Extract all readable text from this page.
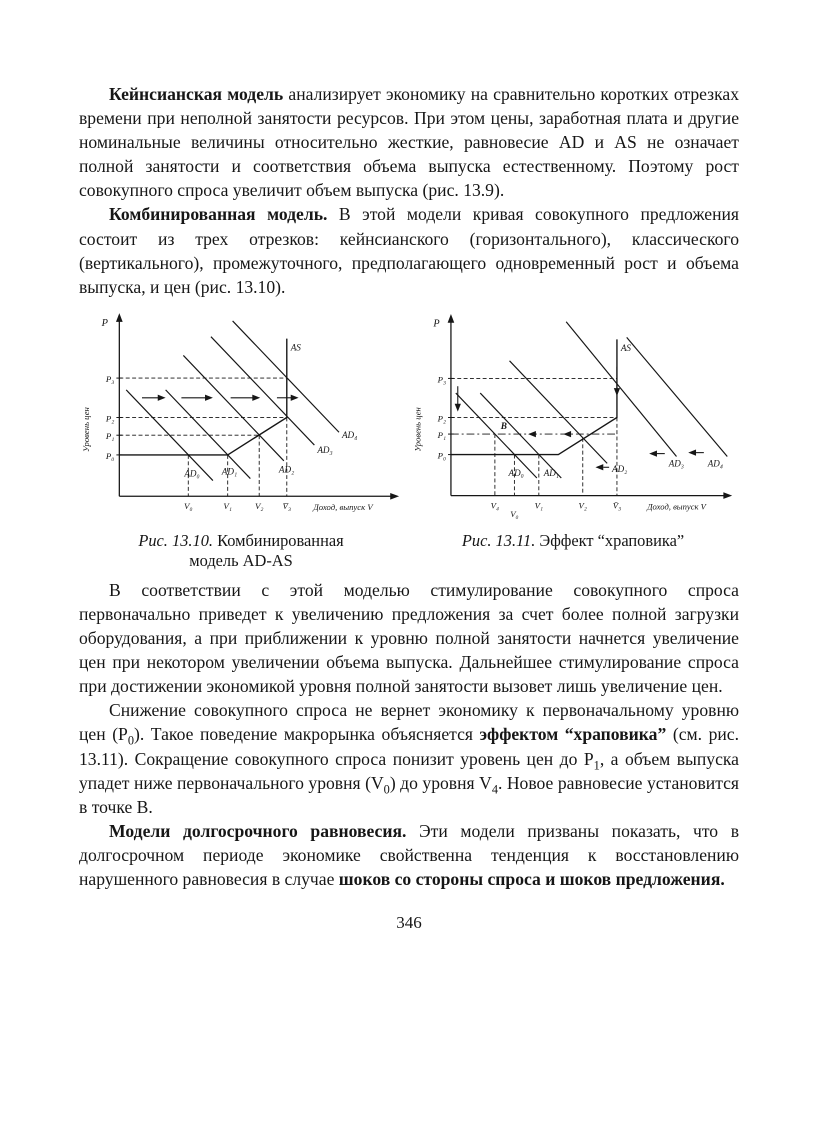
Кейнсианская модель анализирует экономику на сравнительно коротких отрезках времени при неполной занятости ресурсов. При этом цены, заработная плата и другие номинальные величины относительно жесткие, равновесие AD и AS не означает полной занятости и соответствия объема выпуска естественному. Поэтому рост совокупного спроса увеличит объем выпуска (рис. 13.9).

Комбинированная модель. В этой модели кривая совокупного предложения состоит из трех отрезков: кейнсианского (горизонтального), классического (вертикального), промежуточного, предполагающего одновременный рост и объема выпуска, и цен (рис. 13.10).

P
Уровень цен
Доход, выпуск V
P₃
P₂
P₁
P₀
V₀	V₁	V₂ V̄₃
AS
AD₀ AD₁	AD₂
AD₃
AD₄
Рис. 13.10. Комбинированная модель AD-AS
P
Уровень цен
Доход, выпуск V
P₃
P₂
P₁
P₀
V₄
V₀
V₁	V₂	V̄₃
B
AS
AD₀ AD₁	AD₂
AD₃	AD₄
Рис. 13.11. Эффект “храповика”

В соответствии с этой моделью стимулирование совокупного спроса первоначально приведет к увеличению предложения за счет более полной загрузки оборудования, а при приближении к уровню полной занятости начнется увеличение цен при некотором увеличении объема выпуска. Дальнейшее стимулирование спроса при достижении экономикой уровня полной занятости вызовет лишь увеличение цен.

Снижение совокупного спроса не вернет экономику к первоначальному уровню цен $(P_0)$. Такое поведение макрорынка объясняется эффектом “храповика” (см. рис. 13.11). Сокращение совокупного спроса понизит уровень цен до $P_1$, а объем выпуска упадет ниже первоначального уровня $(V_0)$ до уровня $V_4$. Новое равновесие установится в точке В.

Модели долгосрочного равновесия. Эти модели призваны показать, что в долгосрочном периоде экономике свойственна тенденция к восстановлению нарушенного равновесия в случае шоков со стороны спроса и шоков предложения.

346
